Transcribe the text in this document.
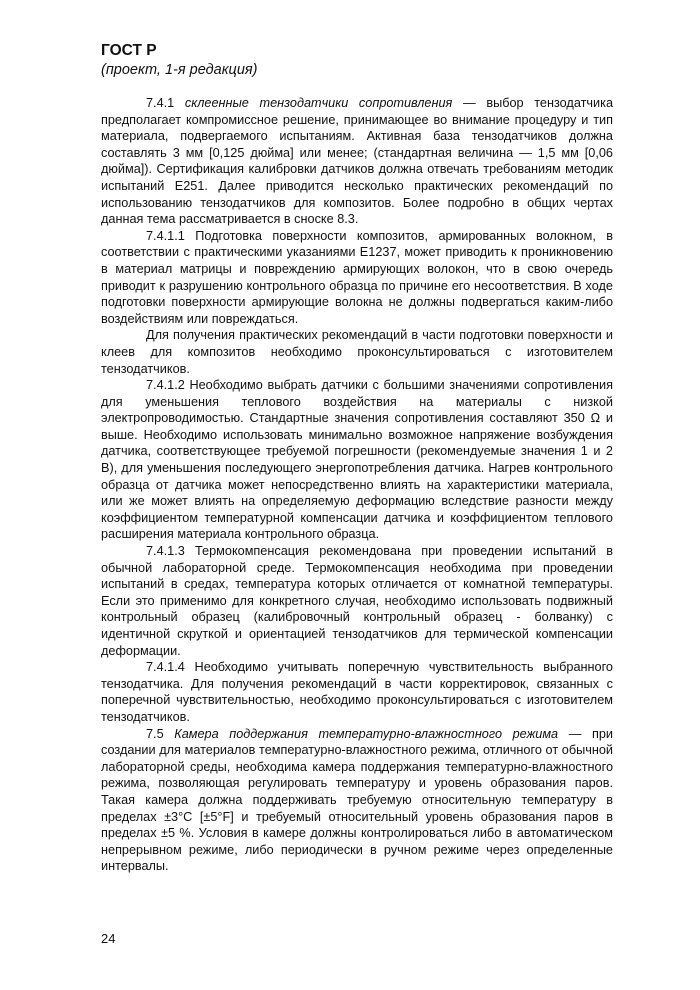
ГОСТ Р
(проект, 1-я редакция)

7.4.1 склеенные тензодатчики сопротивления — выбор тензодатчика предполагает компромиссное решение, принимающее во внимание процедуру и тип материала, подвергаемого испытаниям. Активная база тензодатчиков должна составлять 3 мм [0,125 дюйма] или менее; (стандартная величина — 1,5 мм [0,06 дюйма]). Сертификация калибровки датчиков должна отвечать требованиям методик испытаний E251. Далее приводится несколько практических рекомендаций по использованию тензодатчиков для композитов. Более подробно в общих чертах данная тема рассматривается в сноске 8.3.

7.4.1.1 Подготовка поверхности композитов, армированных волокном, в соответствии с практическими указаниями E1237, может приводить к проникновению в материал матрицы и повреждению армирующих волокон, что в свою очередь приводит к разрушению контрольного образца по причине его несоответствия. В ходе подготовки поверхности армирующие волокна не должны подвергаться каким-либо воздействиям или повреждаться.

Для получения практических рекомендаций в части подготовки поверхности и клеев для композитов необходимо проконсультироваться с изготовителем тензодатчиков.

7.4.1.2 Необходимо выбрать датчики с большими значениями сопротивления для уменьшения теплового воздействия на материалы с низкой электропроводимостью. Стандартные значения сопротивления составляют 350 Ω и выше. Необходимо использовать минимально возможное напряжение возбуждения датчика, соответствующее требуемой погрешности (рекомендуемые значения 1 и 2 В), для уменьшения последующего энергопотребления датчика. Нагрев контрольного образца от датчика может непосредственно влиять на характеристики материала, или же может влиять на определяемую деформацию вследствие разности между коэффициентом температурной компенсации датчика и коэффициентом теплового расширения материала контрольного образца.

7.4.1.3 Термокомпенсация рекомендована при проведении испытаний в обычной лабораторной среде. Термокомпенсация необходима при проведении испытаний в средах, температура которых отличается от комнатной температуры. Если это применимо для конкретного случая, необходимо использовать подвижный контрольный образец (калибровочный контрольный образец - болванку) с идентичной скруткой и ориентацией тензодатчиков для термической компенсации деформации.

7.4.1.4 Необходимо учитывать поперечную чувствительность выбранного тензодатчика. Для получения рекомендаций в части корректировок, связанных с поперечной чувствительностью, необходимо проконсультироваться с изготовителем тензодатчиков.

7.5 Камера поддержания температурно-влажностного режима — при создании для материалов температурно-влажностного режима, отличного от обычной лабораторной среды, необходима камера поддержания температурно-влажностного режима, позволяющая регулировать температуру и уровень образования паров. Такая камера должна поддерживать требуемую относительную температуру в пределах ±3°C [±5°F] и требуемый относительный уровень образования паров в пределах ±5 %. Условия в камере должны контролироваться либо в автоматическом непрерывном режиме, либо периодически в ручном режиме через определенные интервалы.

24
